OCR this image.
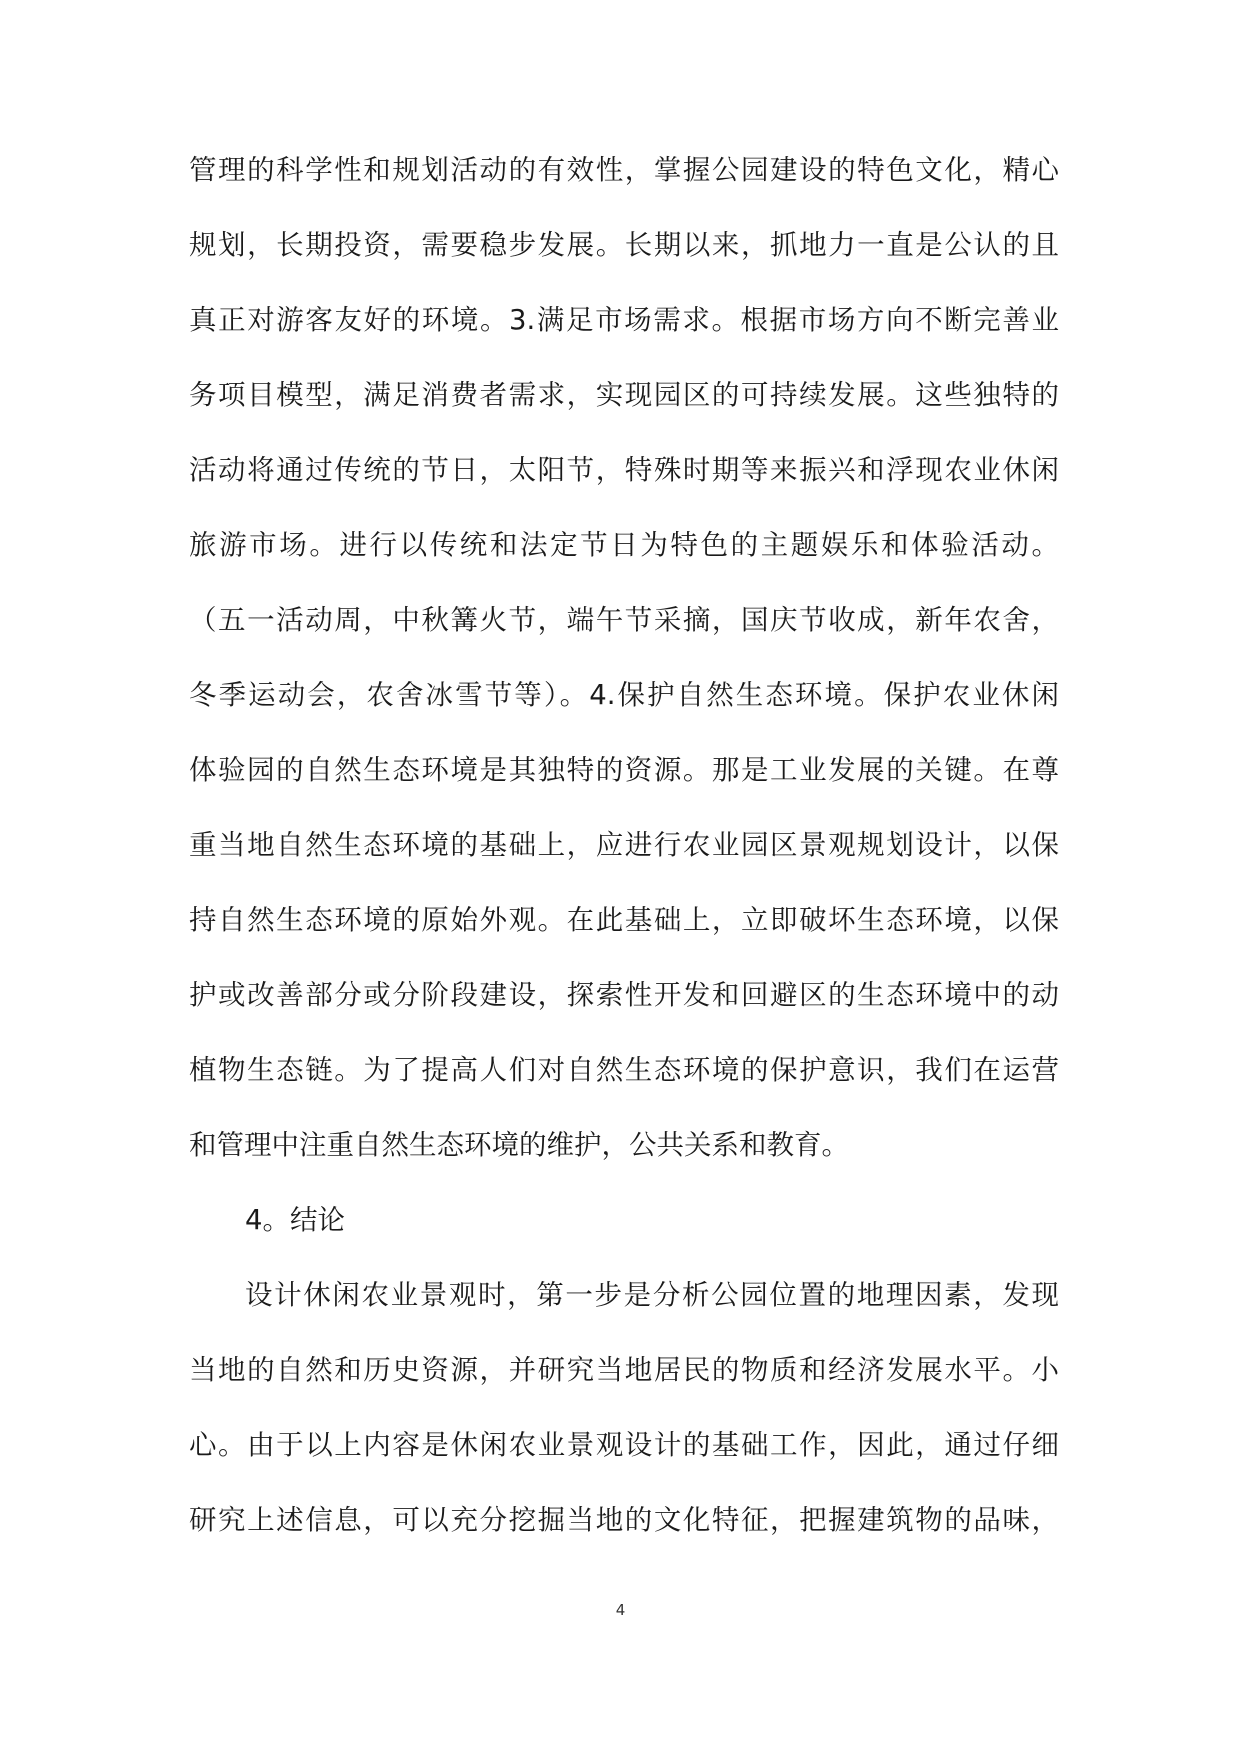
管理的科学性和规划活动的有效性，掌握公园建设的特色文化，精心
规划，长期投资，需要稳步发展。长期以来，抓地力一直是公认的且
真正对游客友好的环境。3.满足市场需求。根据市场方向不断完善业
务项目模型，满足消费者需求，实现园区的可持续发展。这些独特的
活动将通过传统的节日，太阳节，特殊时期等来振兴和浮现农业休闲
旅游市场。进行以传统和法定节日为特色的主题娱乐和体验活动。
（五一活动周，中秋篝火节，端午节采摘，国庆节收成，新年农舍，
冬季运动会，农舍冰雪节等）。4.保护自然生态环境。保护农业休闲
体验园的自然生态环境是其独特的资源。那是工业发展的关键。在尊
重当地自然生态环境的基础上，应进行农业园区景观规划设计，以保
持自然生态环境的原始外观。在此基础上，立即破坏生态环境，以保
护或改善部分或分阶段建设，探索性开发和回避区的生态环境中的动
植物生态链。为了提高人们对自然生态环境的保护意识，我们在运营
和管理中注重自然生态环境的维护，公共关系和教育。
4。结论
设计休闲农业景观时，第一步是分析公园位置的地理因素，发现
当地的自然和历史资源，并研究当地居民的物质和经济发展水平。小
心。由于以上内容是休闲农业景观设计的基础工作，因此，通过仔细
研究上述信息，可以充分挖掘当地的文化特征，把握建筑物的品味，
4
